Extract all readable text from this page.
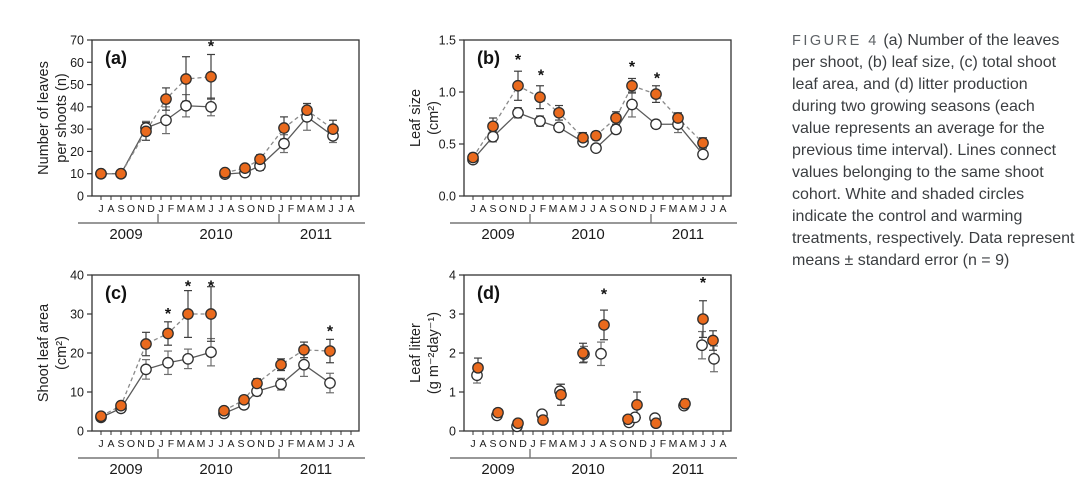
0
10
20
30
40
50
60
70
J A S O N D J F M A M J J A S O N D J F M A M J J A
2009	2010	2011
*
(a)
Number of leaves per shoots (n)
0.0
0.5
1.0
1.5
J A S O N D J F M A M J J A S O N D J F M A M J J A
2009	2010	2011
*
*	*
*
(b)
Leaf size (cm²)
0
10
20
30
40
J A S O N D J F M A M J J A S O N D J F M A M J J A
2009	2010	2011
*
* *
*
(c)
Shoot leaf area (cm²)
0
1
2
3
4
J A S O N D J F M A M J J A S O N D J F M A M J J A
2009	2010	2011
*
*
(d)
Leaf litter (g m⁻²day⁻¹)
FIGURE 4 (a) Number of the leaves per shoot, (b) leaf size, (c) total shoot leaf area, and (d) litter production during two growing seasons (each value represents an average for the previous time interval). Lines connect values belonging to the same shoot cohort. White and shaded circles indicate the control and warming treatments, respectively. Data represent means ± standard error (n = 9)
